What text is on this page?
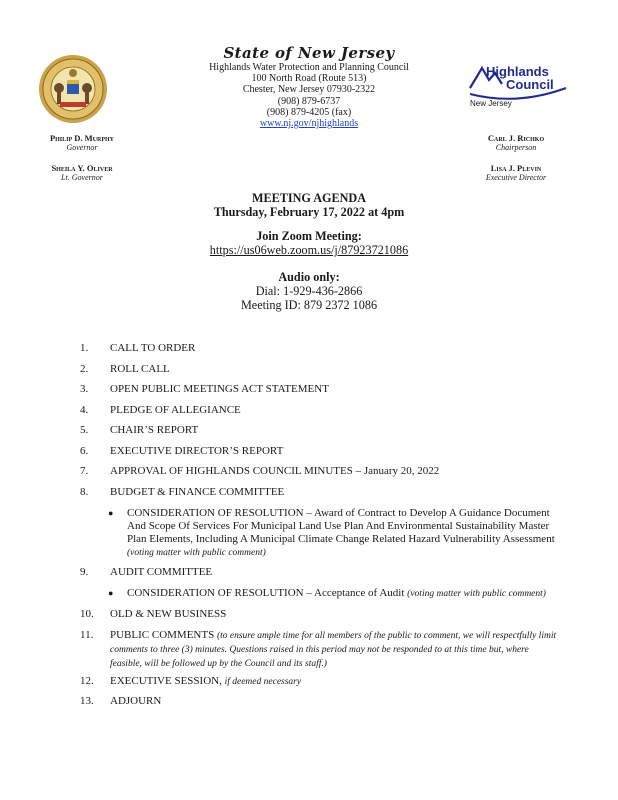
State of New Jersey
Highlands Water Protection and Planning Council
100 North Road (Route 513)
Chester, New Jersey 07930-2322
(908) 879-6737
(908) 879-4205 (fax)
www.nj.gov/njhighlands
Highlands
Council
New Jersey
Philip D. Murphy
Governor
Sheila Y. Oliver
Lt. Governor
Carl J. Richko
Chairperson
Lisa J. Plevin
Executive Director
MEETING AGENDA
Thursday, February 17, 2022 at 4pm
Join Zoom Meeting:
https://us06web.zoom.us/j/87923721086
Audio only:
Dial: 1-929-436-2866
Meeting ID: 879 2372 1086
1.	CALL TO ORDER
2.	ROLL CALL
3.	OPEN PUBLIC MEETINGS ACT STATEMENT
4.	PLEDGE OF ALLEGIANCE
5.	CHAIR’S REPORT
6.	EXECUTIVE DIRECTOR’S REPORT
7.	APPROVAL OF HIGHLANDS COUNCIL MINUTES – January 20, 2022
8.	BUDGET & FINANCE COMMITTEE
● CONSIDERATION OF RESOLUTION – Award of Contract to Develop A Guidance Document And Scope Of Services For Municipal Land Use Plan And Environmental Sustainability Master Plan Elements, Including A Municipal Climate Change Related Hazard Vulnerability Assessment (voting matter with public comment)
9.	AUDIT COMMITTEE
● CONSIDERATION OF RESOLUTION – Acceptance of Audit (voting matter with public comment)
10.	OLD & NEW BUSINESS
11.	PUBLIC COMMENTS (to ensure ample time for all members of the public to comment, we will respectfully limit comments to three (3) minutes. Questions raised in this period may not be responded to at this time but, where feasible, will be followed up by the Council and its staff.)
12.	EXECUTIVE SESSION, if deemed necessary
13.	ADJOURN
